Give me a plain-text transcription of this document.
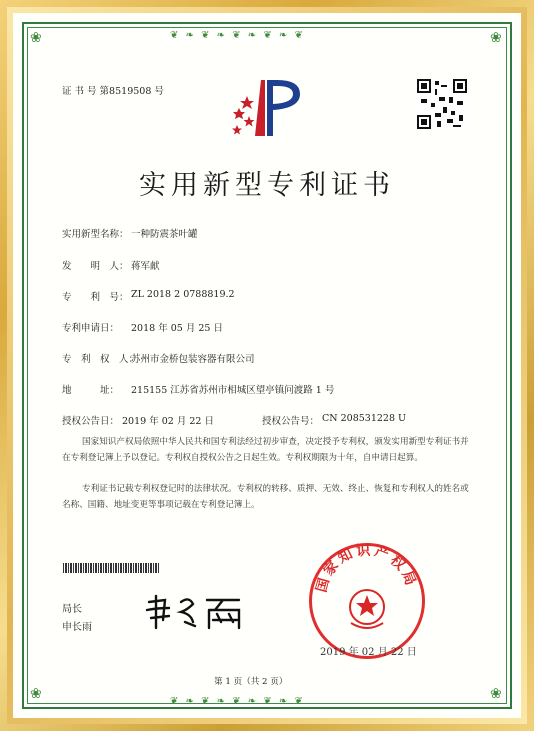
❦ ❧ ❦ ❧ ❦ ❧ ❦ ❧ ❦
❦ ❧ ❦ ❧ ❦ ❧ ❦ ❧ ❦
❀	❀
❀	❀
证 书 号 第8519508 号
实用新型专利证书
实用新型名称： 一种防震茶叶罐
发　　明　人： 蒋军献
专　　利　号： ZL 2018 2 0788819.2
专利申请日： 2018 年 05 月 25 日
专　利　权　人：
苏州市金桥包装容器有限公司
地　　　址： 215155 江苏省苏州市相城区望亭镇问渡路 1 号
授权公告日： 2019 年 02 月 22 日	授权公告号： CN 208531228 U
国家知识产权局依照中华人民共和国专利法经过初步审查，决定授予专利权，颁发实用新型专利证书并在专利登记簿上予以登记。专利权自授权公告之日起生效。专利权期限为十年，自申请日起算。
专利证书记载专利权登记时的法律状况。专利权的转移、质押、无效、终止、恢复和专利权人的姓名或名称、国籍、地址变更等事项记载在专利登记簿上。
局长
申长雨
国家知识产权局
2019 年 02 月 22 日
第 1 页（共 2 页）
